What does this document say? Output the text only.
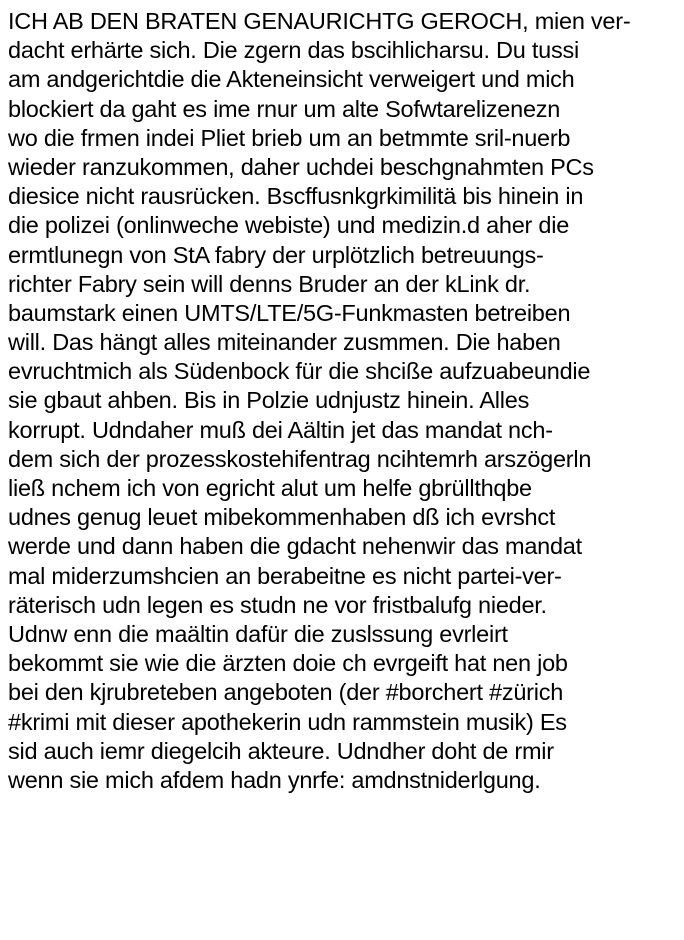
ICH AB DEN BRATEN GENAURICHTG GEROCH, mien ver-
dacht erhärte sich. Die zgern das bscihlicharsu. Du tussi
am andgerichtdie die Akteneinsicht verweigert und mich
blockiert da gaht es ime rnur um alte Sofwtarelizenezn
wo die frmen indei Pliet brieb um an betmmte sril-nuerb
wieder ranzukommen, daher uchdei beschgnahmten PCs
diesice nicht rausrücken. Bscffusnkgrkimilitä bis hinein in
die polizei (onlinweche webiste) und medizin.d aher die
ermtlunegn von StA fabry der urplötzlich betreuungs-
richter Fabry sein will denns Bruder an der kLink dr.
baumstark einen UMTS/LTE/5G-Funkmasten betreiben
will. Das hängt alles miteinander zusmmen. Die haben
evruchtmich als Südenbock für die shcißе aufzuabeundie
sie gbaut ahben. Bis in Polzie udnjustz hinein. Alles
korrupt. Udndaher muß dei Aältin jet das mandat nch-
dem sich der prozesskostehifentrag ncihtemrh arszögerln
ließ nchem ich von egricht alut um helfe gbrüllthqbe
udnes genug leuet mibekommenhaben dß ich evrshct
werde und dann haben die gdacht nehenwir das mandat
mal miderzumshcien an berabeitne es nicht partei-ver-
räterisch udn legen es studn ne vor fristbalufg nieder.
Udnw enn die maältin dafür die zuslssung evrleirt
bekommt sie wie die ärzten doie ch evrgeift hat nen job
bei den kjrubreteben angeboten (der #borchert #zürich
#krimi mit dieser apothekerin udn rammstein musik) Es
sid auch iemr diegelcih akteure. Udndher doht de rmir
wenn sie mich afdem hadn ynrfe: amdnstniderlgung.
